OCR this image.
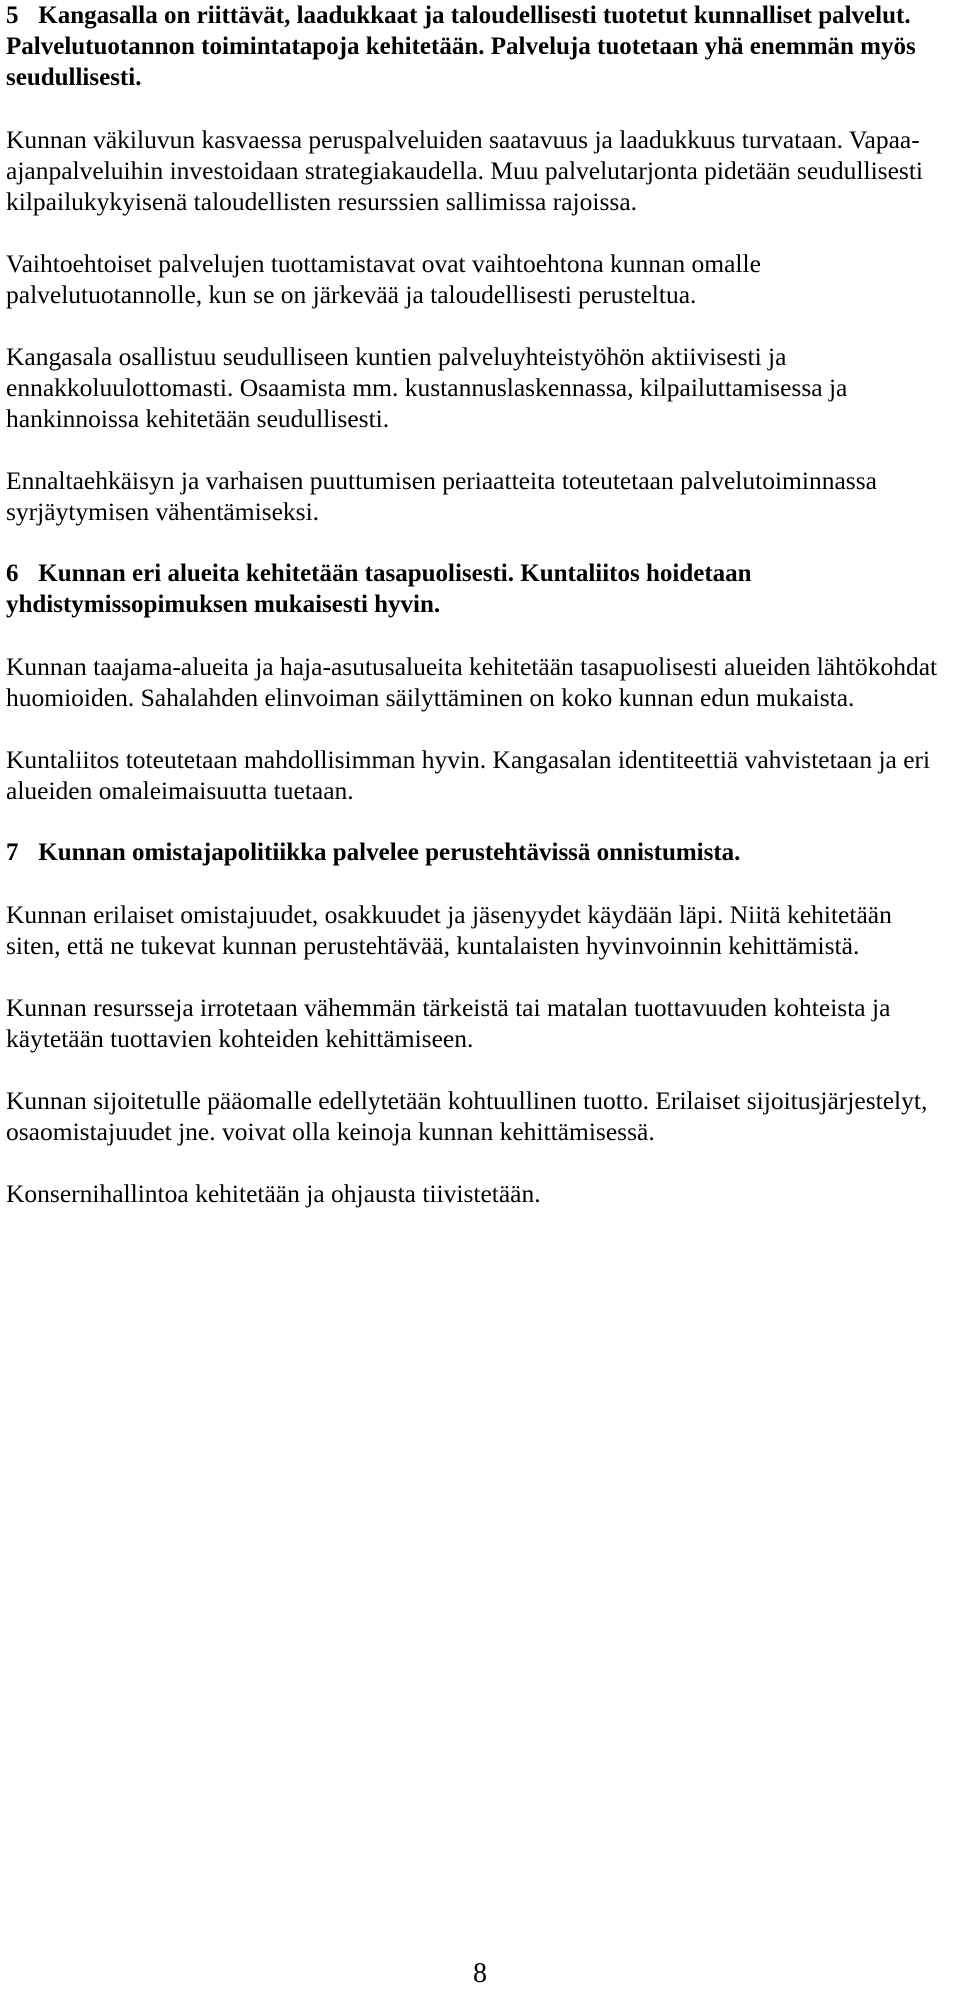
5 Kangasalla on riittävät, laadukkaat ja taloudellisesti tuotetut kunnalliset palvelut. Palvelutuotannon toimintatapoja kehitetään. Palveluja tuotetaan yhä enemmän myös seudullisesti.

Kunnan väkiluvun kasvaessa peruspalveluiden saatavuus ja laadukkuus turvataan. Vapaa-ajanpalveluihin investoidaan strategiakaudella. Muu palvelutarjonta pidetään seudullisesti kilpailukykyisenä taloudellisten resurssien sallimissa rajoissa.

Vaihtoehtoiset palvelujen tuottamistavat ovat vaihtoehtona kunnan omalle palvelutuotannolle, kun se on järkevää ja taloudellisesti perusteltua.

Kangasala osallistuu seudulliseen kuntien palveluyhteistyöhön aktiivisesti ja ennakkoluulottomasti. Osaamista mm. kustannuslaskennassa, kilpailuttamisessa ja hankinnoissa kehitetään seudullisesti.

Ennaltaehkäisyn ja varhaisen puuttumisen periaatteita toteutetaan palvelutoiminnassa syrjäytymisen vähentämiseksi.

6 Kunnan eri alueita kehitetään tasapuolisesti. Kuntaliitos hoidetaan yhdistymissopimuksen mukaisesti hyvin.

Kunnan taajama-alueita ja haja-asutusalueita kehitetään tasapuolisesti alueiden lähtökohdat huomioiden. Sahalahden elinvoiman säilyttäminen on koko kunnan edun mukaista.

Kuntaliitos toteutetaan mahdollisimman hyvin. Kangasalan identiteettiä vahvistetaan ja eri alueiden omaleimaisuutta tuetaan.

7 Kunnan omistajapolitiikka palvelee perustehtävissä onnistumista.

Kunnan erilaiset omistajuudet, osakkuudet ja jäsenyydet käydään läpi. Niitä kehitetään siten, että ne tukevat kunnan perustehtävää, kuntalaisten hyvinvoinnin kehittämistä.

Kunnan resursseja irrotetaan vähemmän tärkeistä tai matalan tuottavuuden kohteista ja käytetään tuottavien kohteiden kehittämiseen.

Kunnan sijoitetulle pääomalle edellytetään kohtuullinen tuotto. Erilaiset sijoitusjärjestelyt, osaomistajuudet jne. voivat olla keinoja kunnan kehittämisessä.

Konsernihallintoa kehitetään ja ohjausta tiivistetään.

8
